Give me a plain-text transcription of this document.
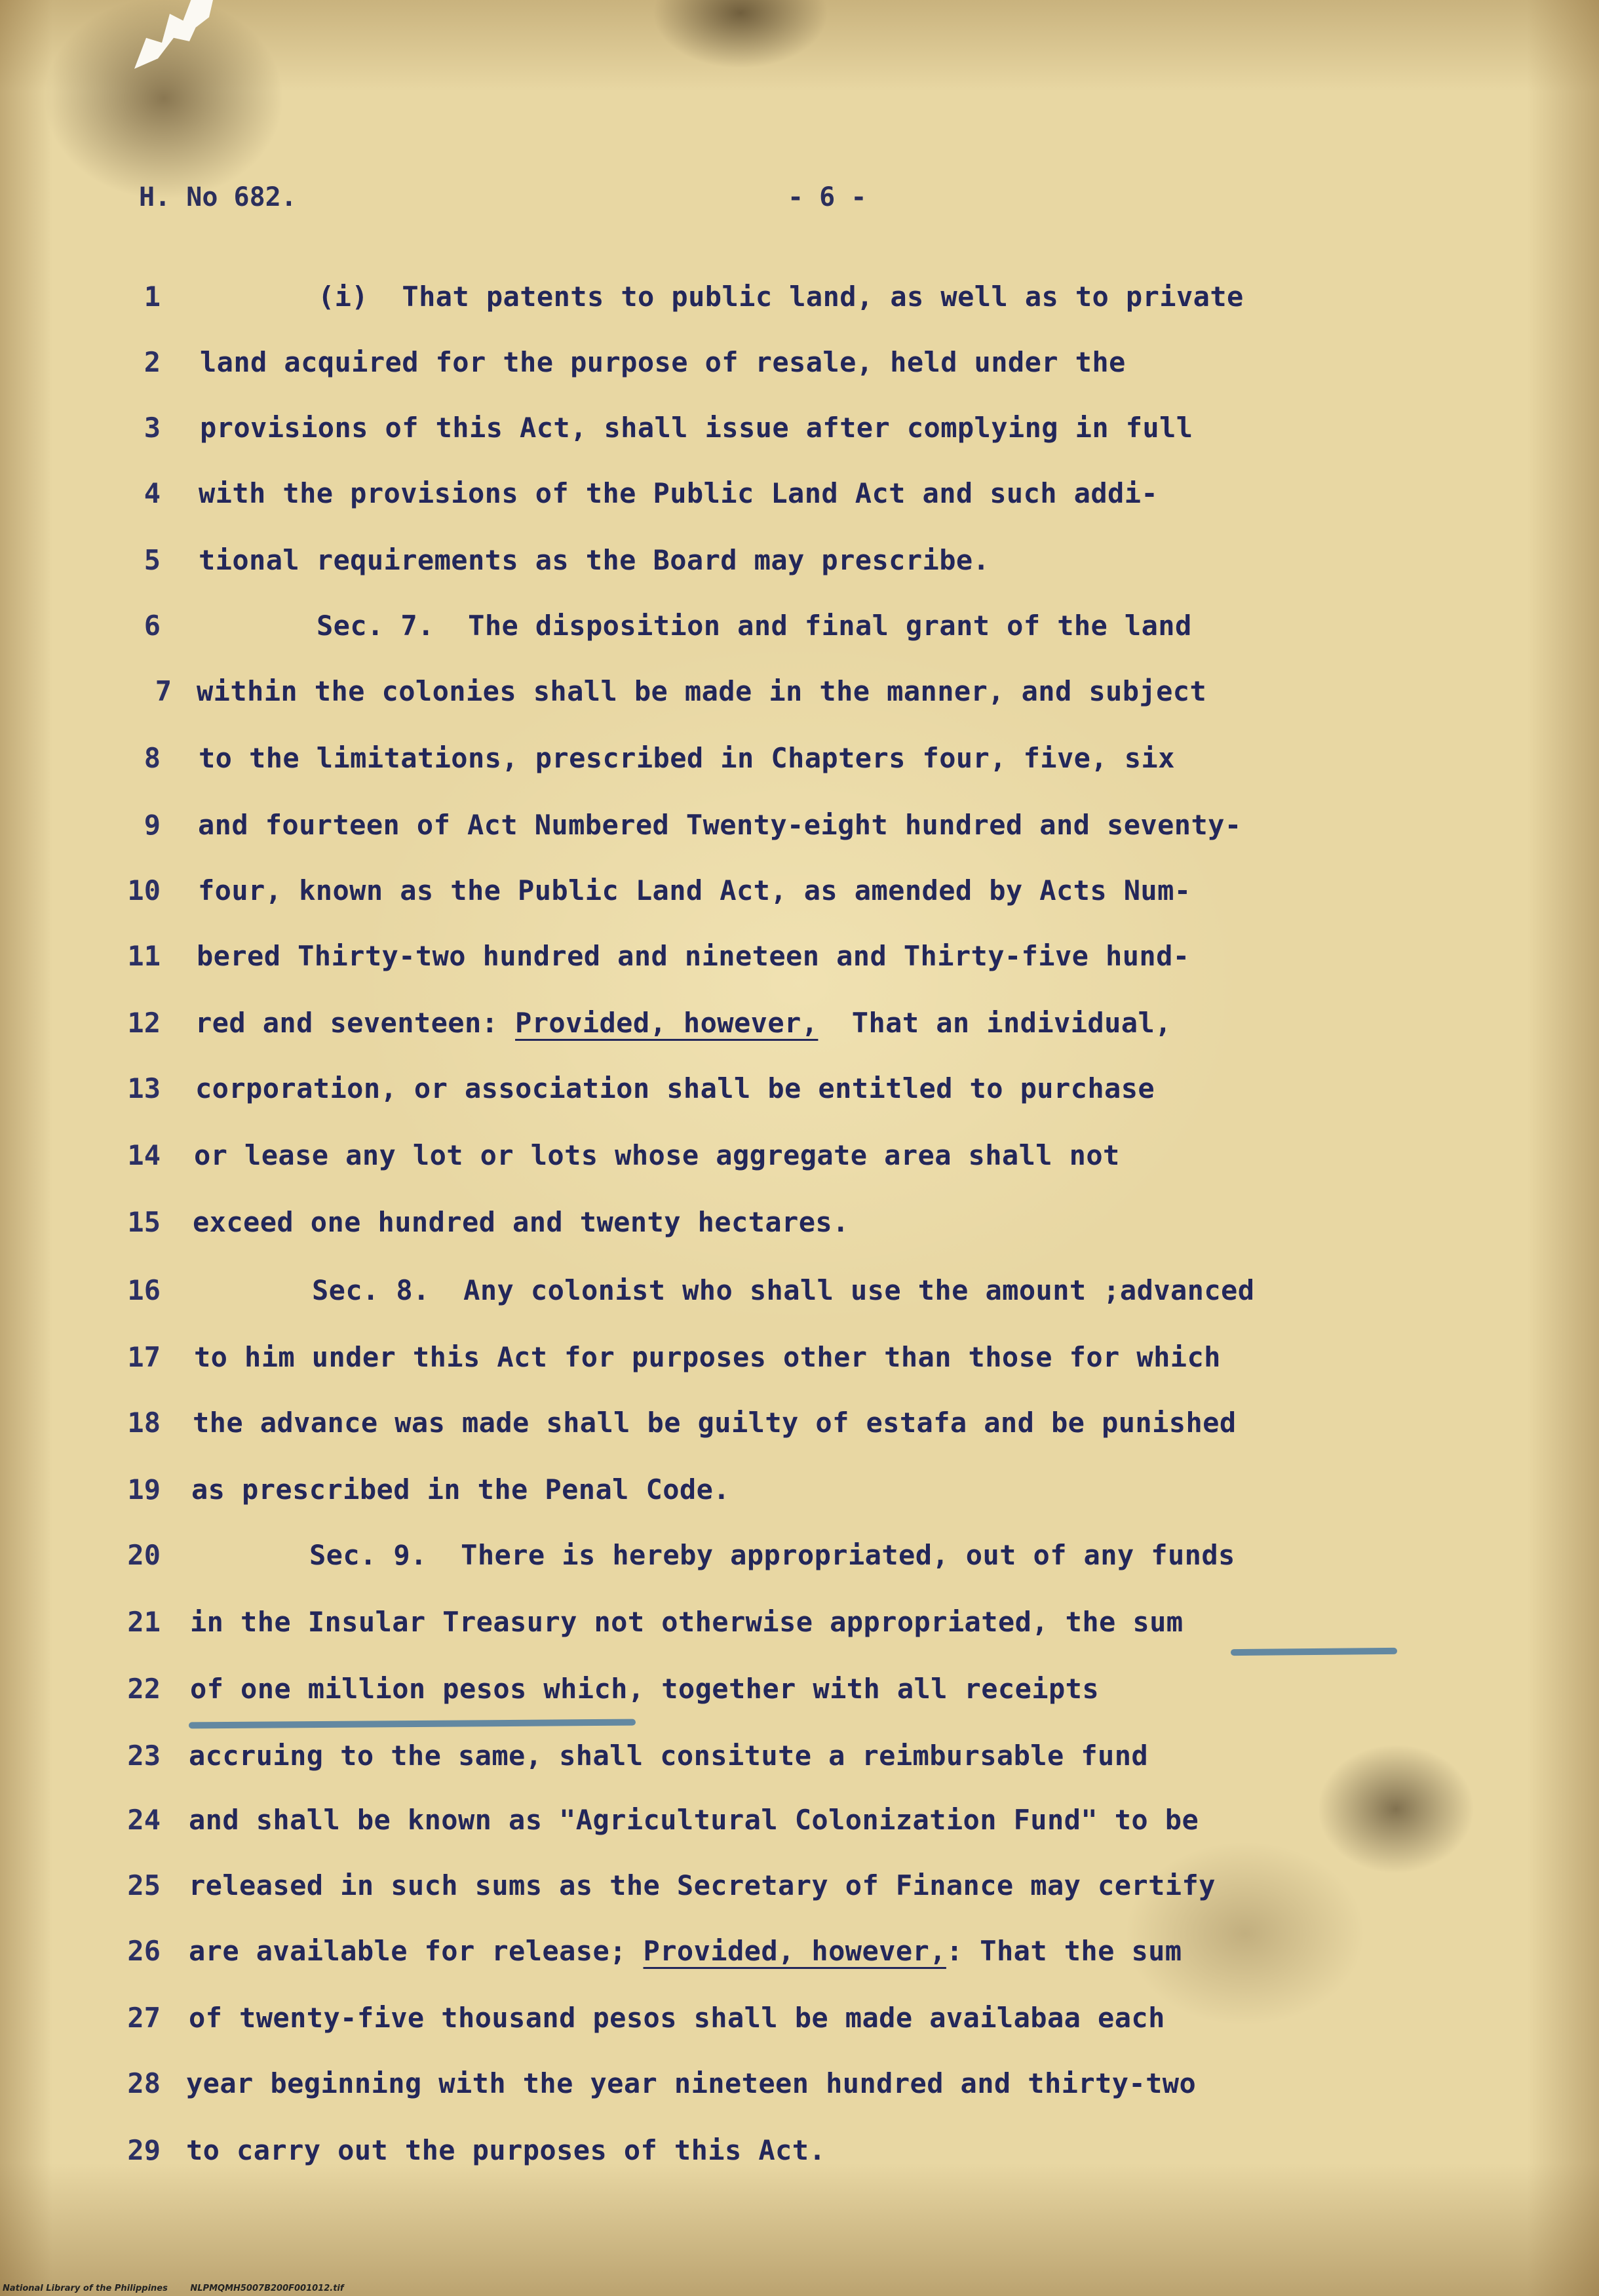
H. No 682.	- 6 -
1	(i)  That patents to public land, as well as to private
2 land acquired for the purpose of resale, held under the
3 provisions of this Act, shall issue after complying in full
4 with the provisions of the Public Land Act and such addi-
5 tional requirements as the Board may prescribe.
6	Sec. 7.  The disposition and final grant of the land
7 within the colonies shall be made in the manner, and subject
8 to the limitations, prescribed in Chapters four, five, six
9 and fourteen of Act Numbered Twenty-eight hundred and seventy-
10 four, known as the Public Land Act, as amended by Acts Num-
11 bered Thirty-two hundred and nineteen and Thirty-five hund-
12 red and seventeen: Provided, however,  That an individual,
13 corporation, or association shall be entitled to purchase
14 or lease any lot or lots whose aggregate area shall not
15 exceed one hundred and twenty hectares.
16	Sec. 8.  Any colonist who shall use the amount ;advanced
17 to him under this Act for purposes other than those for which
18 the advance was made shall be guilty of estafa and be punished
19 as prescribed in the Penal Code.
20	Sec. 9.  There is hereby appropriated, out of any funds
21 in the Insular Treasury not otherwise appropriated, the sum
22 of one million pesos which, together with all receipts
23 accruing to the same, shall consitute a reimbursable fund
24 and shall be known as "Agricultural Colonization Fund" to be
25 released in such sums as the Secretary of Finance may certify
26 are available for release; Provided, however,: That the sum
27 of twenty-five thousand pesos shall be made availabaa each
28 year beginning with the year nineteen hundred and thirty-two
29 to carry out the purposes of this Act.
National Library of the Philippines	NLPMQMH5007B200F001012.tif
